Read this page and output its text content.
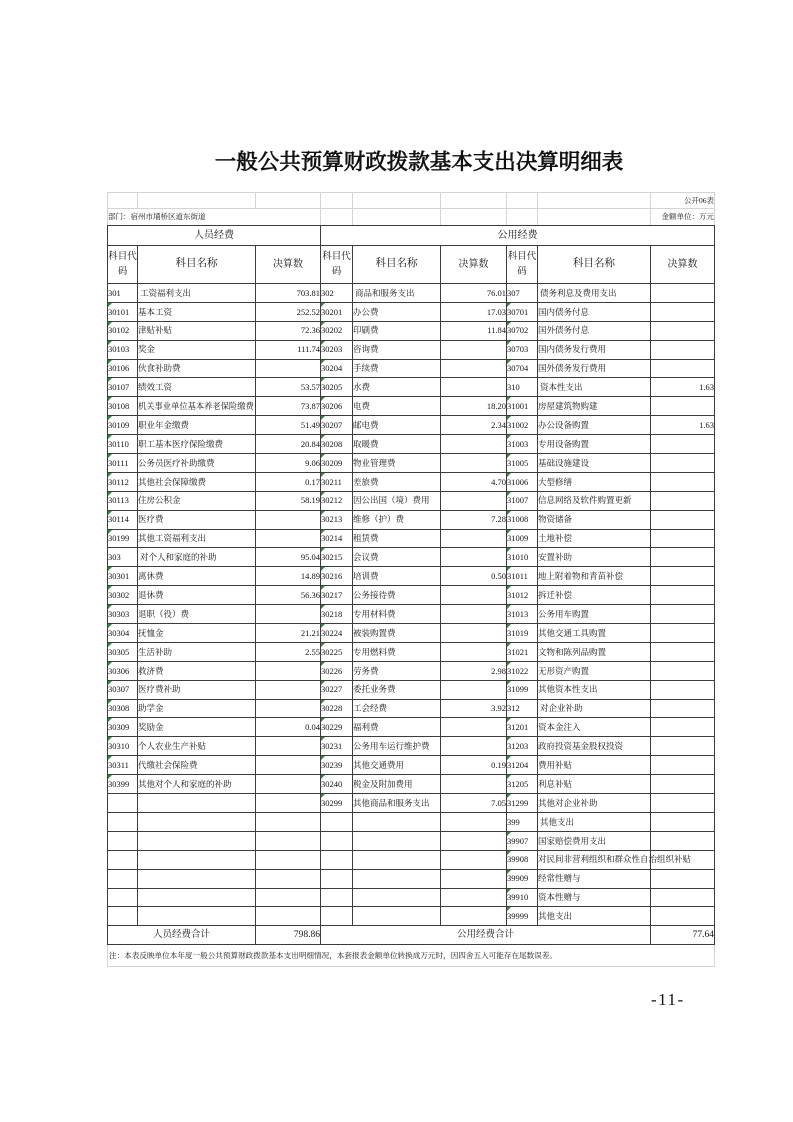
一般公共预算财政拨款基本支出决算明细表
								公开06表
部门：宿州市埇桥区道东街道								金额单位：万元
人员经费			公用经费					
科目代码	科目名称	决算数	科目代码	科目名称	决算数	科目代码	科目名称	决算数
301	工资福利支出	703.81	302	商品和服务支出	76.01	307	债务利息及费用支出	
30101	基本工资	252.52	30201	办公费	17.03	30701	国内债务付息	
30102	津贴补贴	72.36	30202	印刷费	11.84	30702	国外债务付息	
30103	奖金	111.74	30203	咨询费		30703	国内债务发行费用	
30106	伙食补助费		30204	手续费		30704	国外债务发行费用	
30107	绩效工资	53.57	30205	水费		310	资本性支出	1.63
30108	机关事业单位基本养老保险缴费	73.87	30206	电费	18.20	31001	房屋建筑物购建	
30109	职业年金缴费	51.49	30207	邮电费	2.34	31002	办公设备购置	1.63
30110	职工基本医疗保险缴费	20.84	30208	取暖费		31003	专用设备购置	
30111	公务员医疗补助缴费	9.06	30209	物业管理费		31005	基础设施建设	
30112	其他社会保障缴费	0.17	30211	差旅费	4.70	31006	大型修缮	
30113	住房公积金	58.19	30212	因公出国（境）费用		31007	信息网络及软件购置更新	
30114	医疗费		30213	维修（护）费	7.28	31008	物资储备	
30199	其他工资福利支出		30214	租赁费		31009	土地补偿	
303	对个人和家庭的补助	95.04	30215	会议费		31010	安置补助	
30301	离休费	14.89	30216	培训费	0.50	31011	地上附着物和青苗补偿	
30302	退休费	56.36	30217	公务接待费		31012	拆迁补偿	
30303	退职（役）费		30218	专用材料费		31013	公务用车购置	
30304	抚恤金	21.21	30224	被装购置费		31019	其他交通工具购置	
30305	生活补助	2.55	30225	专用燃料费		31021	文物和陈列品购置	
30306	救济费		30226	劳务费	2.98	31022	无形资产购置	
30307	医疗费补助		30227	委托业务费		31099	其他资本性支出	
30308	助学金		30228	工会经费	3.92	312	对企业补助	
30309	奖励金	0.04	30229	福利费		31201	资本金注入	
30310	个人农业生产补贴		30231	公务用车运行维护费		31203	政府投资基金股权投资	
30311	代缴社会保险费		30239	其他交通费用	0.19	31204	费用补贴	
30399	其他对个人和家庭的补助		30240	税金及附加费用		31205	利息补贴	
			30299	其他商品和服务支出	7.05	31299	其他对企业补助	
						399	其他支出	
						39907	国家赔偿费用支出	
						39908	对民间非营利组织和群众性自治组织补贴	
						39909	经常性赠与	
						39910	资本性赠与	
						39999	其他支出	
人员经费合计		798.86	公用经费合计					77.64
注：本表反映单位本年度一般公共预算财政拨款基本支出明细情况，本套报表金额单位转换成万元时，因四舍五入可能存在尾数误差。								
-11-
